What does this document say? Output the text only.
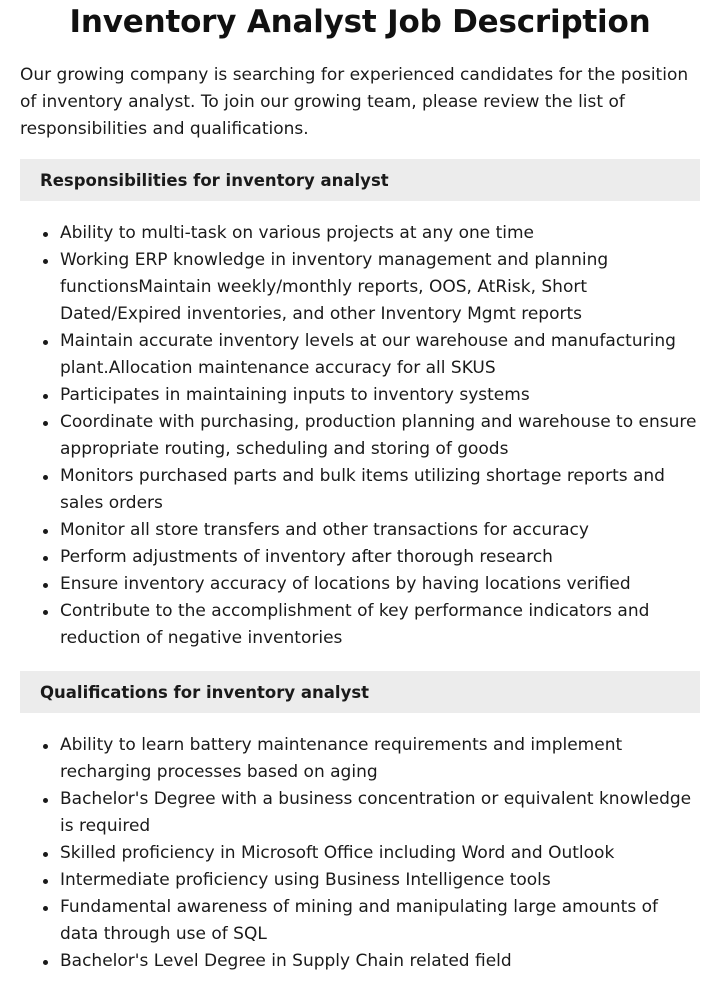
Inventory Analyst Job Description

Our growing company is searching for experienced candidates for the position of inventory analyst. To join our growing team, please review the list of responsibilities and qualifications.

Responsibilities for inventory analyst
Ability to multi-task on various projects at any one time
Working ERP knowledge in inventory management and planning functionsMaintain weekly/monthly reports, OOS, AtRisk, Short Dated/Expired inventories, and other Inventory Mgmt reports
Maintain accurate inventory levels at our warehouse and manufacturing plant.Allocation maintenance accuracy for all SKUS
Participates in maintaining inputs to inventory systems
Coordinate with purchasing, production planning and warehouse to ensure appropriate routing, scheduling and storing of goods
Monitors purchased parts and bulk items utilizing shortage reports and sales orders
Monitor all store transfers and other transactions for accuracy
Perform adjustments of inventory after thorough research
Ensure inventory accuracy of locations by having locations verified
Contribute to the accomplishment of key performance indicators and reduction of negative inventories
Qualifications for inventory analyst
Ability to learn battery maintenance requirements and implement recharging processes based on aging
Bachelor's Degree with a business concentration or equivalent knowledge is required
Skilled proficiency in Microsoft Office including Word and Outlook
Intermediate proficiency using Business Intelligence tools
Fundamental awareness of mining and manipulating large amounts of data through use of SQL
Bachelor's Level Degree in Supply Chain related field
